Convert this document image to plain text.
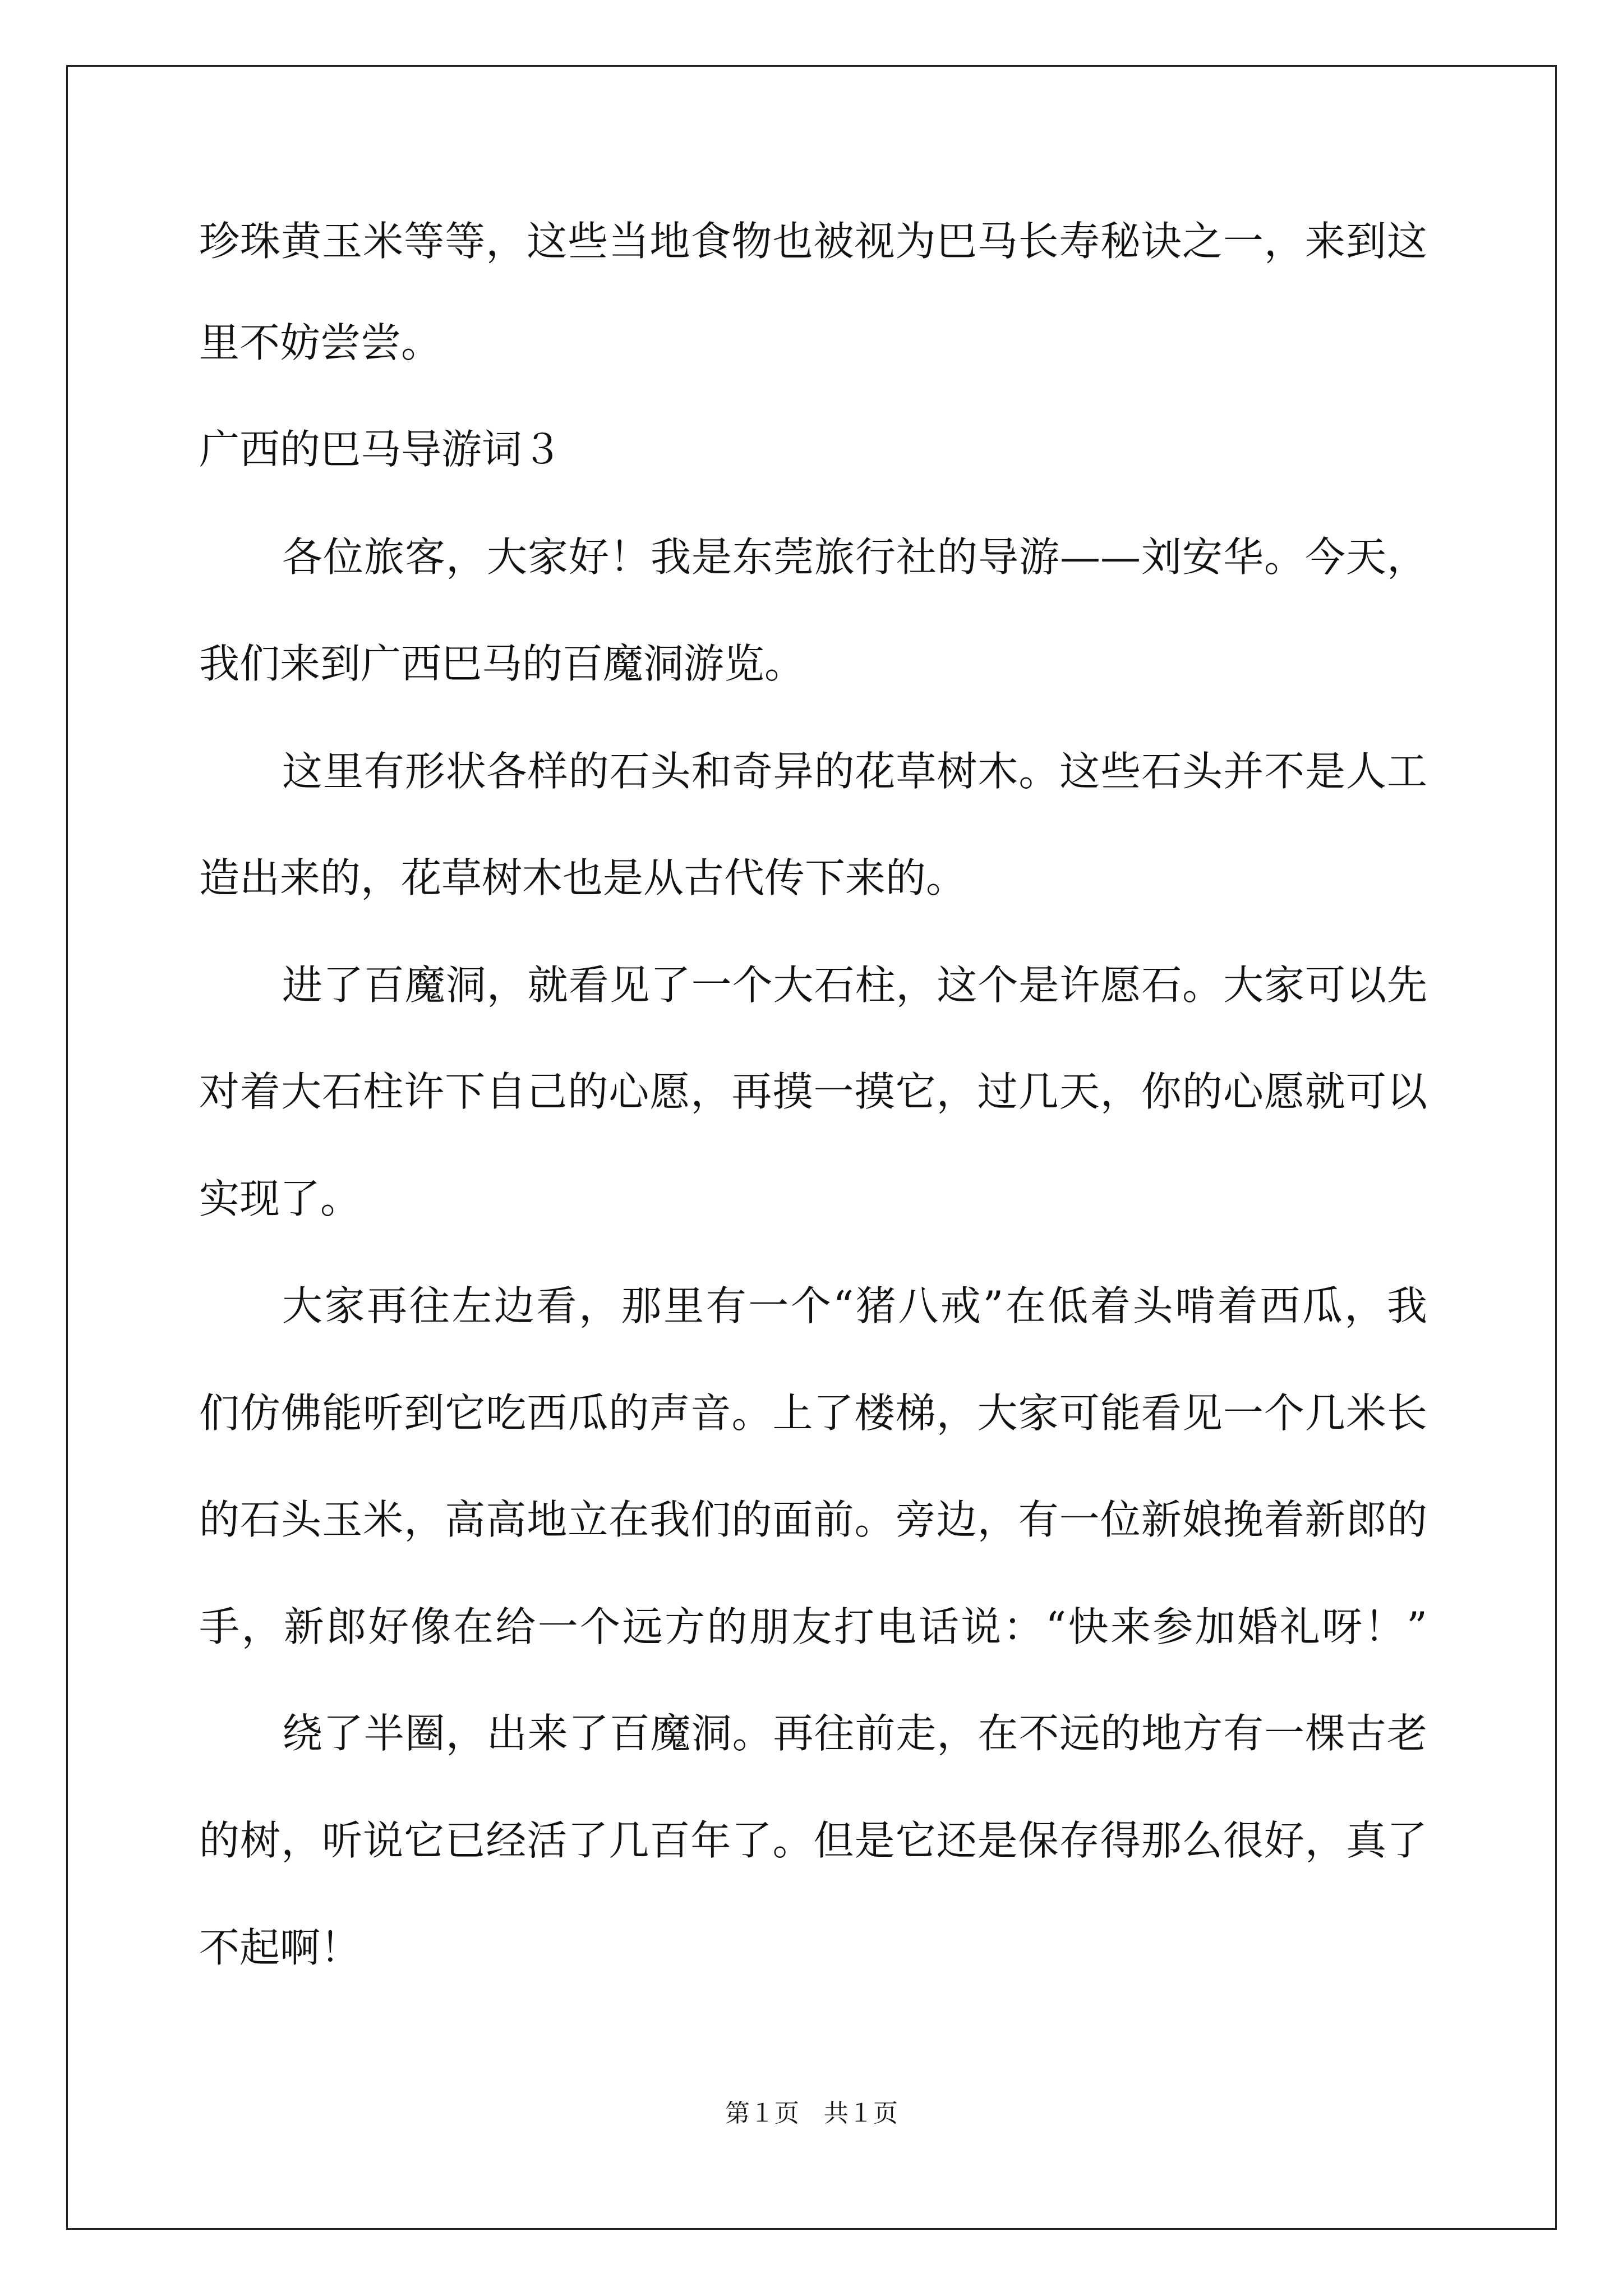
珍珠黄玉米等等，这些当地食物也被视为巴马长寿秘诀之一，来到这
里不妨尝尝。
广西的巴马导游词３
各位旅客，大家好！我是东莞旅行社的导游——刘安华。今天，
我们来到广西巴马的百魔洞游览。
这里有形状各样的石头和奇异的花草树木。这些石头并不是人工
造出来的，花草树木也是从古代传下来的。
进了百魔洞，就看见了一个大石柱，这个是许愿石。大家可以先
对着大石柱许下自己的心愿，再摸一摸它，过几天，你的心愿就可以
实现了。
大家再往左边看，那里有一个“猪八戒”在低着头啃着西瓜，我
们仿佛能听到它吃西瓜的声音。上了楼梯，大家可能看见一个几米长
的石头玉米，高高地立在我们的面前。旁边，有一位新娘挽着新郎的
手，新郎好像在给一个远方的朋友打电话说：“快来参加婚礼呀！”
绕了半圈，出来了百魔洞。再往前走，在不远的地方有一棵古老
的树，听说它已经活了几百年了。但是它还是保存得那么很好，真了
不起啊！
第１页　共１页
